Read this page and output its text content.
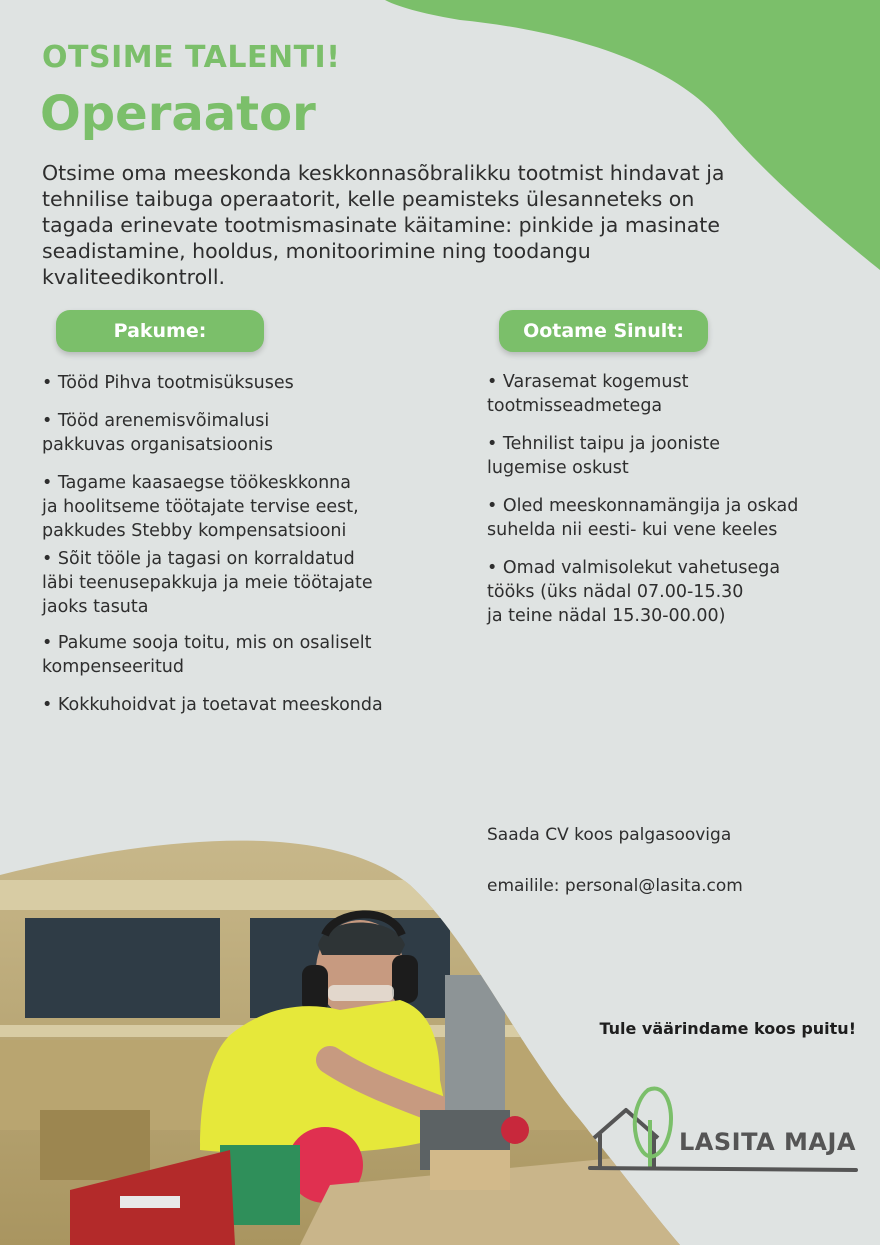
OTSIME TALENTI!
Operaator
Otsime oma meeskonda keskkonnasõbralikku tootmist hindavat ja tehnilise taibuga operaatorit, kelle peamisteks ülesanneteks on tagada erinevate tootmismasinate käitamine: pinkide ja masinate seadistamine, hooldus, monitoorimine ning toodangu kvaliteedikontroll.
Pakume:	Ootame Sinult:
• Tööd Pihva tootmisüksuses
• Tööd arenemisvõimalusi
pakkuvas organisatsioonis
• Tagame kaasaegse töökeskkonna
ja hoolitseme töötajate tervise eest,
pakkudes Stebby kompensatsiooni
• Sõit tööle ja tagasi on korraldatud
läbi teenusepakkuja ja meie töötajate
jaoks tasuta
• Pakume sooja toitu, mis on osaliselt
kompenseeritud
• Kokkuhoidvat ja toetavat meeskonda
• Varasemat kogemust
tootmisseadmetega
• Tehnilist taipu ja jooniste
lugemise oskust
• Oled meeskonnamängija ja oskad
suhelda nii eesti- kui vene keeles
• Omad valmisolekut vahetusega
tööks (üks nädal 07.00-15.30
ja teine nädal 15.30-00.00)
Saada CV koos palgasooviga
emailile: personal@lasita.com
Tule väärindame koos puitu!
LASITA MAJA
